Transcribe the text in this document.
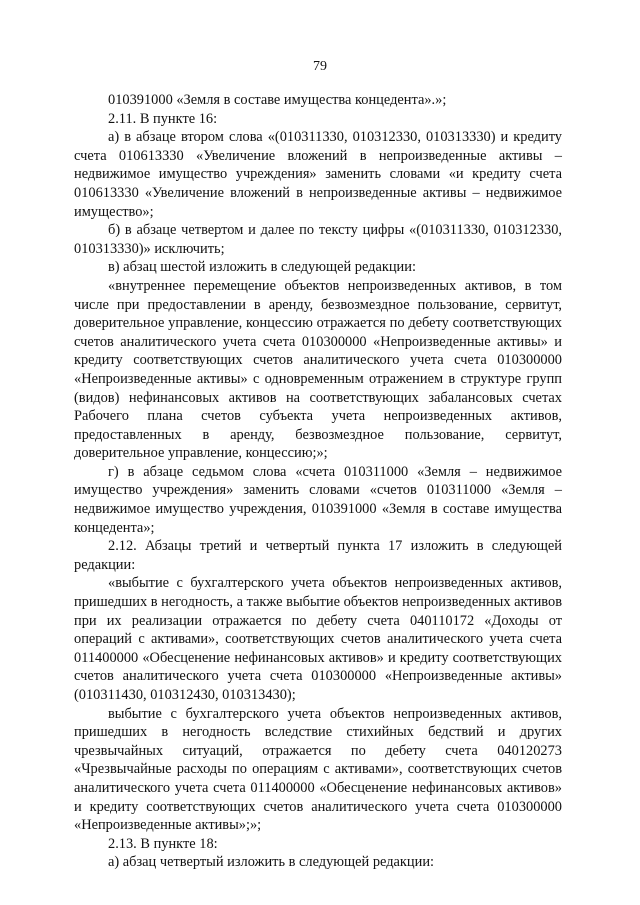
79

010391000 «Земля в составе имущества концедента».»;

2.11. В пункте 16:

а) в абзаце втором слова «(010311330, 010312330, 010313330) и кредиту счета 010613330 «Увеличение вложений в непроизведенные активы – недвижимое имущество учреждения» заменить словами «и кредиту счета 010613330 «Увеличение вложений в непроизведенные активы – недвижимое имущество»;

б) в абзаце четвертом и далее по тексту цифры «(010311330, 010312330, 010313330)» исключить;

в) абзац шестой изложить в следующей редакции:

«внутреннее перемещение объектов непроизведенных активов, в том числе при предоставлении в аренду, безвозмездное пользование, сервитут, доверительное управление, концессию отражается по дебету соответствующих счетов аналитического учета счета 010300000 «Непроизведенные активы» и кредиту соответствующих счетов аналитического учета счета 010300000 «Непроизведенные активы» с одновременным отражением в структуре групп (видов) нефинансовых активов на соответствующих забалансовых счетах Рабочего плана счетов субъекта учета непроизведенных активов, предоставленных в аренду, безвозмездное пользование, сервитут, доверительное управление, концессию;»;

г) в абзаце седьмом слова «счета 010311000 «Земля – недвижимое имущество учреждения» заменить словами «счетов 010311000 «Земля – недвижимое имущество учреждения, 010391000 «Земля в составе имущества концедента»;

2.12. Абзацы третий и четвертый пункта 17 изложить в следующей редакции:

«выбытие с бухгалтерского учета объектов непроизведенных активов, пришедших в негодность, а также выбытие объектов непроизведенных активов при их реализации отражается по дебету счета 040110172 «Доходы от операций с активами», соответствующих счетов аналитического учета счета 011400000 «Обесценение нефинансовых активов» и кредиту соответствующих счетов аналитического учета счета 010300000 «Непроизведенные активы» (010311430, 010312430, 010313430);

выбытие с бухгалтерского учета объектов непроизведенных активов, пришедших в негодность вследствие стихийных бедствий и других чрезвычайных ситуаций, отражается по дебету счета 040120273 «Чрезвычайные расходы по операциям с активами», соответствующих счетов аналитического учета счета 011400000 «Обесценение нефинансовых активов» и кредиту соответствующих счетов аналитического учета счета 010300000 «Непроизведенные активы»;»;

2.13. В пункте 18:

а) абзац четвертый изложить в следующей редакции:
